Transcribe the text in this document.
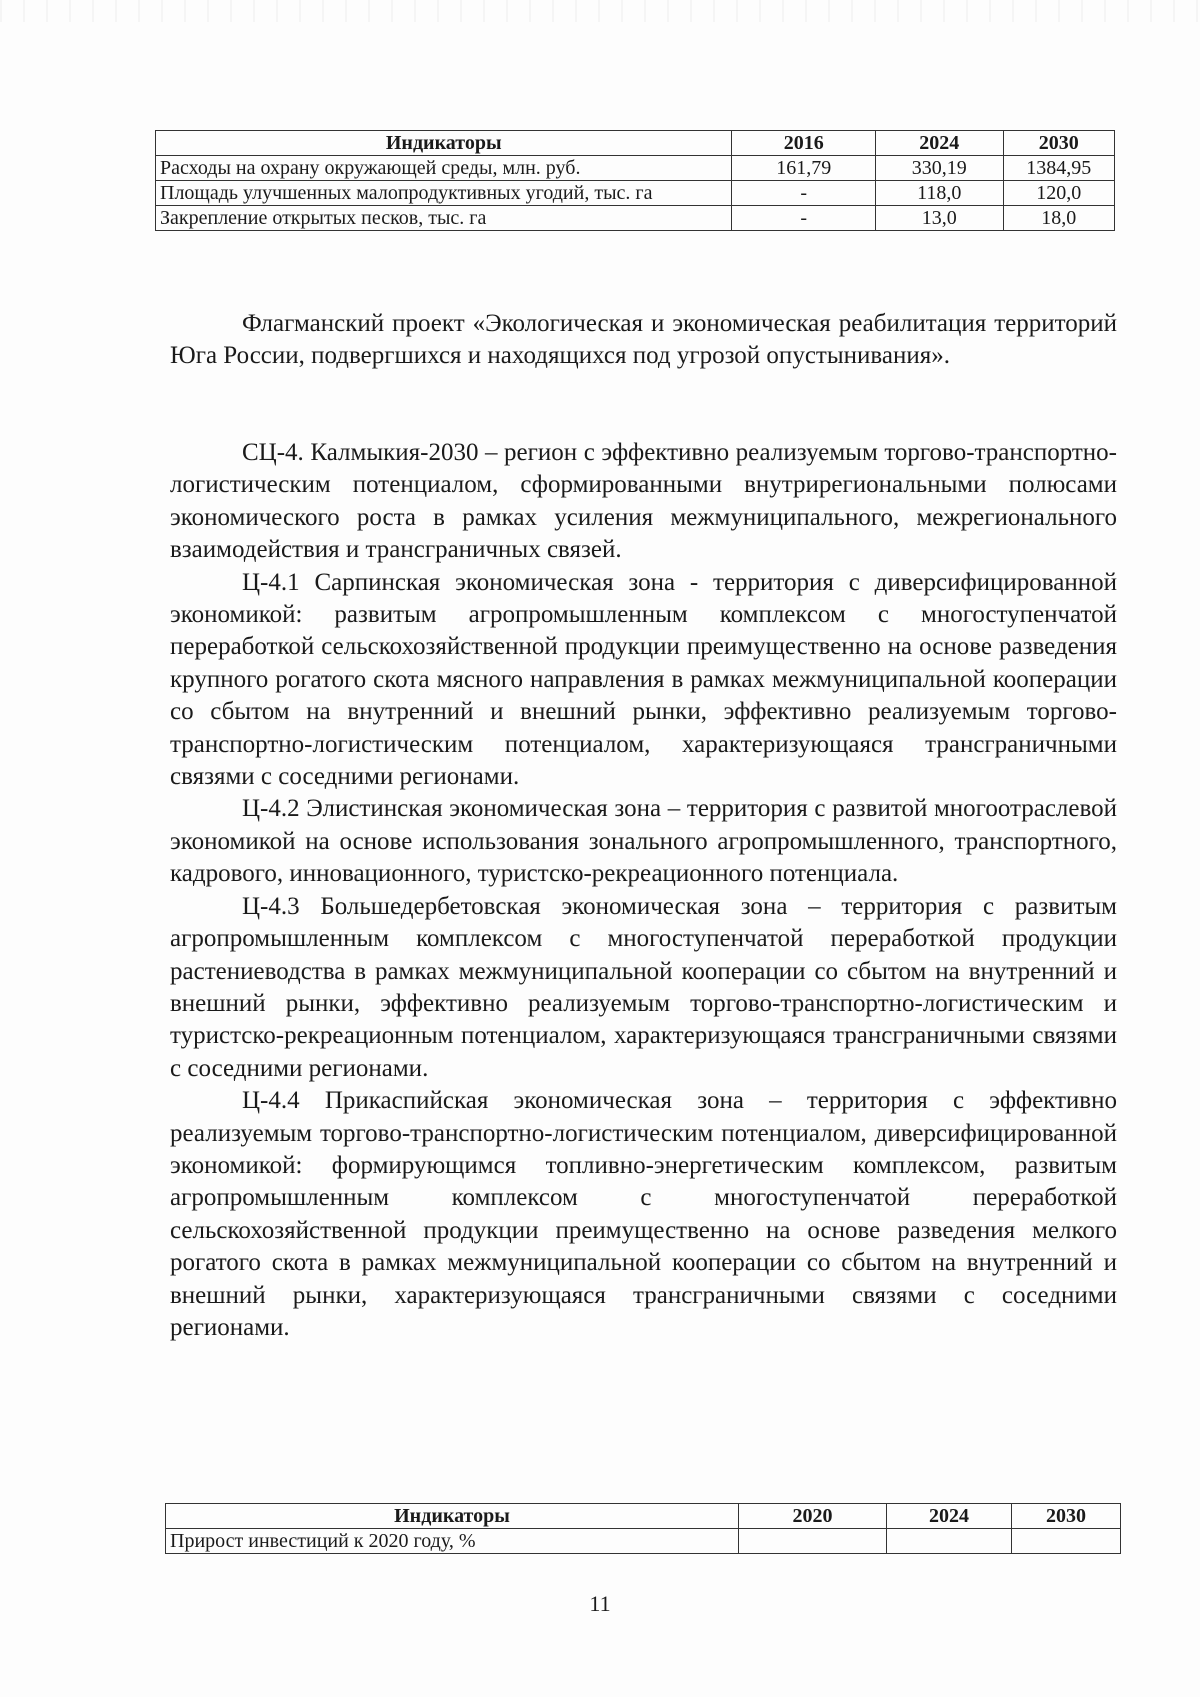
Индикаторы	2016	2024	2030
Расходы на охрану окружающей среды, млн. руб.	161,79	330,19	1384,95
Площадь улучшенных малопродуктивных угодий, тыс. га	-	118,0	120,0
Закрепление открытых песков, тыс. га	-	13,0	18,0

Флагманский проект «Экологическая и экономическая реабилитация территорий Юга России, подвергшихся и находящихся под угрозой опустынивания».

СЦ-4. Калмыкия-2030 – регион с эффективно реализуемым торгово-транспортно-логистическим потенциалом, сформированными внутрирегиональными полюсами экономического роста в рамках усиления межмуниципального, межрегионального взаимодействия и трансграничных связей.

Ц-4.1 Сарпинская экономическая зона - территория с диверсифицированной экономикой: развитым агропромышленным комплексом с многоступенчатой переработкой сельскохозяйственной продукции преимущественно на основе разведения крупного рогатого скота мясного направления в рамках межмуниципальной кооперации со сбытом на внутренний и внешний рынки, эффективно реализуемым торгово-транспортно-логистическим потенциалом, характеризующаяся трансграничными связями с соседними регионами.

Ц-4.2 Элистинская экономическая зона – территория с развитой многоотраслевой экономикой на основе использования зонального агропромышленного, транспортного, кадрового, инновационного, туристско-рекреационного потенциала.

Ц-4.3 Большедербетовская экономическая зона – территория с развитым агропромышленным комплексом с многоступенчатой переработкой продукции растениеводства в рамках межмуниципальной кооперации со сбытом на внутренний и внешний рынки, эффективно реализуемым торгово-транспортно-логистическим и туристско-рекреационным потенциалом, характеризующаяся трансграничными связями с соседними регионами.

Ц-4.4 Прикаспийская экономическая зона – территория с эффективно реализуемым торгово-транспортно-логистическим потенциалом, диверсифицированной экономикой: формирующимся топливно-энергетическим комплексом, развитым агропромышленным комплексом с многоступенчатой переработкой сельскохозяйственной продукции преимущественно на основе разведения мелкого рогатого скота в рамках межмуниципальной кооперации со сбытом на внутренний и внешний рынки, характеризующаяся трансграничными связями с соседними регионами.

Индикаторы	2020	2024	2030
Прирост инвестиций к 2020 году, %			
11
